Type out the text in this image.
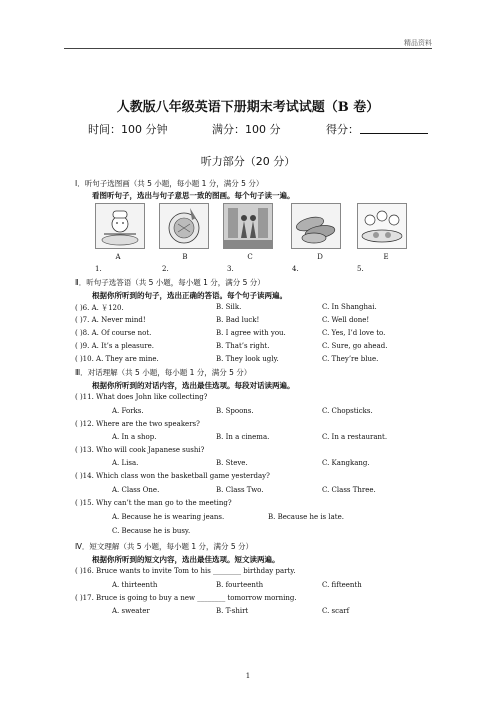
精品资料
人教版八年级英语下册期末考试试题（B 卷）
时间：100 分钟	满分：100 分	得分：
听力部分（20 分）
Ⅰ．听句子选图画（共 5 小题，每小题 1 分，满分 5 分）
看图听句子，选出与句子意思一致的图画。每个句子读一遍。
A	B	C	D	E
1.	2.	3.	4.	5.
Ⅱ．听句子选答语（共 5 小题，每小题 1 分，满分 5 分）
根据你所听到的句子，选出正确的答语。每个句子读两遍。
( )6. A. ￥120.	B. Silk.	C. In Shanghai.
( )7. A. Never mind!	B. Bad luck!	C. Well done!
( )8. A. Of course not.	B. I agree with you.	C. Yes, I’d love to.
( )9. A. It’s a pleasure.	B. That’s right.	C. Sure, go ahead.
( )10. A. They are mine.	B. They look ugly.	C. They’re blue.
Ⅲ．对话理解（共 5 小题，每小题 1 分，满分 5 分）
根据你所听到的对话内容，选出最佳选项。每段对话读两遍。
( )11. What does John like collecting?
A. Forks.	B. Spoons.	C. Chopsticks.
( )12. Where are the two speakers?
A. In a shop.	B. In a cinema.	C. In a restaurant.
( )13. Who will cook Japanese sushi?
A. Lisa.	B. Steve.	C. Kangkang.
( )14. Which class won the basketball game yesterday?
A. Class One.	B. Class Two.	C. Class Three.
( )15. Why can’t the man go to the meeting?
A. Because he is wearing jeans.	B. Because he is late.
C. Because he is busy.
Ⅳ．短文理解（共 5 小题，每小题 1 分，满分 5 分）
根据你所听到的短文内容，选出最佳选项。短文读两遍。
( )16. Bruce wants to invite Tom to his ________ birthday party.
A. thirteenth	B. fourteenth	C. fifteenth
( )17. Bruce is going to buy a new ________ tomorrow morning.
A. sweater	B. T-shirt	C. scarf
1
